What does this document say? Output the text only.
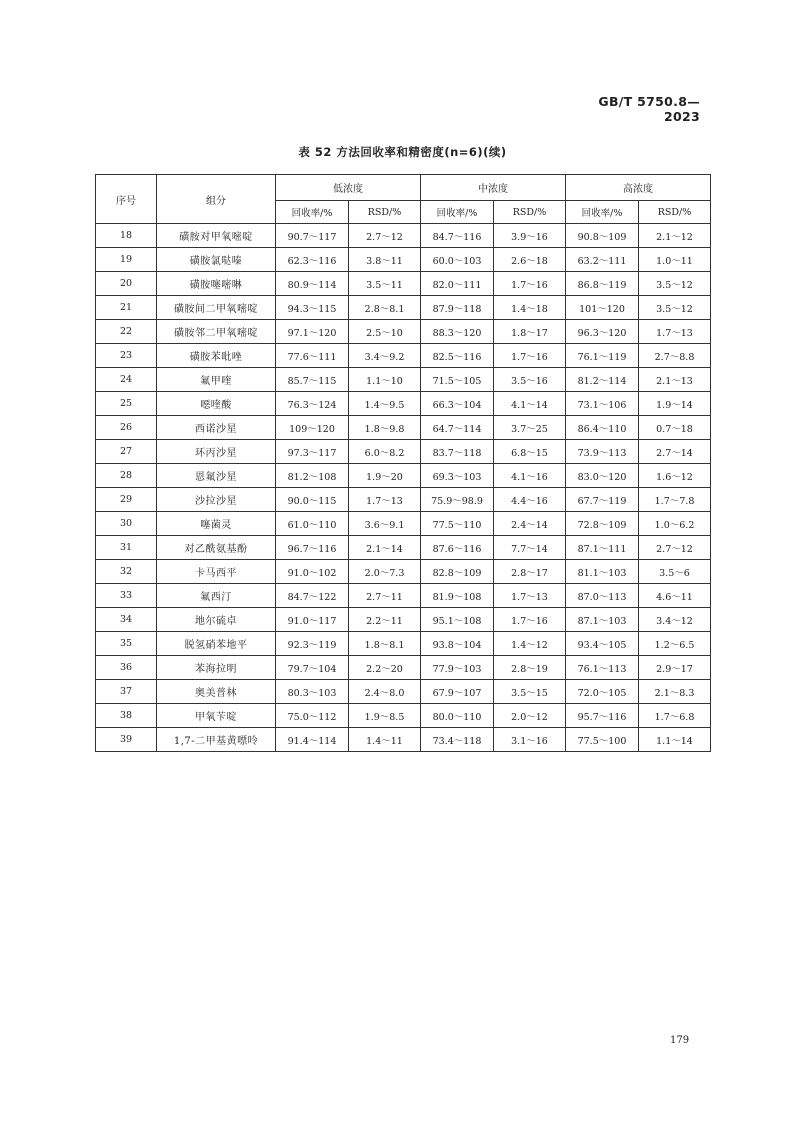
GB/T 5750.8—2023
表 52 方法回收率和精密度(n=6)(续)
序号	组分	低浓度		中浓度		高浓度	
		回收率/%	RSD/%	回收率/%	RSD/%	回收率/%	RSD/%
18	磺胺对甲氧嘧啶	90.7～117	2.7～12	84.7～116	3.9～16	90.8～109	2.1～12
19	磺胺氯哒嗪	62.3～116	3.8～11	60.0～103	2.6～18	63.2～111	1.0～11
20	磺胺噻嘧啉	80.9～114	3.5～11	82.0～111	1.7～16	86.8～119	3.5～12
21	磺胺间二甲氧嘧啶	94.3～115	2.8～8.1	87.9～118	1.4～18	101～120	3.5～12
22	磺胺邻二甲氧嘧啶	97.1～120	2.5～10	88.3～120	1.8～17	96.3～120	1.7～13
23	磺胺苯吡唑	77.6～111	3.4～9.2	82.5～116	1.7～16	76.1～119	2.7～8.8
24	氟甲喹	85.7～115	1.1～10	71.5～105	3.5～16	81.2～114	2.1～13
25	噁喹酸	76.3～124	1.4～9.5	66.3～104	4.1～14	73.1～106	1.9～14
26	西诺沙星	109～120	1.8～9.8	64.7～114	3.7～25	86.4～110	0.7～18
27	环丙沙星	97.3～117	6.0～8.2	83.7～118	6.8～15	73.9～113	2.7～14
28	恩氟沙星	81.2～108	1.9～20	69.3～103	4.1～16	83.0～120	1.6～12
29	沙拉沙星	90.0～115	1.7～13	75.9～98.9	4.4～16	67.7～119	1.7～7.8
30	噻菌灵	61.0～110	3.6～9.1	77.5～110	2.4～14	72.8～109	1.0～6.2
31	对乙酰氨基酚	96.7～116	2.1～14	87.6～116	7.7～14	87.1～111	2.7～12
32	卡马西平	91.0～102	2.0～7.3	82.8～109	2.8～17	81.1～103	3.5～6
33	氟西汀	84.7～122	2.7～11	81.9～108	1.7～13	87.0～113	4.6～11
34	地尔硫卓	91.0～117	2.2～11	95.1～108	1.7～16	87.1～103	3.4～12
35	脱氢硝苯地平	92.3～119	1.8～8.1	93.8～104	1.4～12	93.4～105	1.2～6.5
36	苯海拉明	79.7～104	2.2～20	77.9～103	2.8～19	76.1～113	2.9～17
37	奥美普林	80.3～103	2.4～8.0	67.9～107	3.5～15	72.0～105	2.1～8.3
38	甲氧苄啶	75.0～112	1.9～8.5	80.0～110	2.0～12	95.7～116	1.7～6.8
39	1,7-二甲基黄嘌呤	91.4～114	1.4～11	73.4～118	3.1～16	77.5～100	1.1～14
179
